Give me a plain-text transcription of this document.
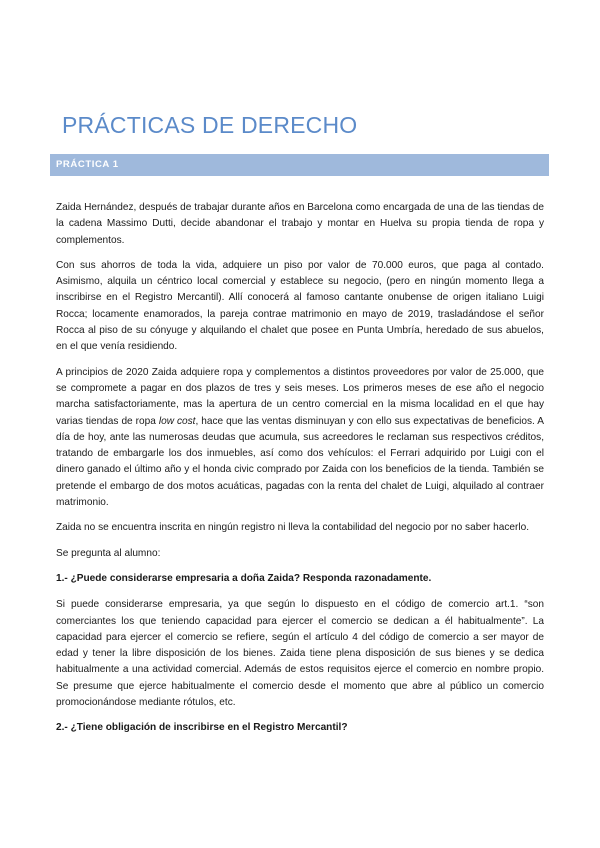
PRÁCTICAS DE DERECHO
PRÁCTICA 1

Zaida Hernández, después de trabajar durante años en Barcelona como encargada de una de las tiendas de la cadena Massimo Dutti, decide abandonar el trabajo y montar en Huelva su propia tienda de ropa y complementos.

Con sus ahorros de toda la vida, adquiere un piso por valor de 70.000 euros, que paga al contado. Asimismo, alquila un céntrico local comercial y establece su negocio, (pero en ningún momento llega a inscribirse en el Registro Mercantil). Allí conocerá al famoso cantante onubense de origen italiano Luigi Rocca; locamente enamorados, la pareja contrae matrimonio en mayo de 2019, trasladándose el señor Rocca al piso de su cónyuge y alquilando el chalet que posee en Punta Umbría, heredado de sus abuelos, en el que venía residiendo.

A principios de 2020 Zaida adquiere ropa y complementos a distintos proveedores por valor de 25.000, que se compromete a pagar en dos plazos de tres y seis meses. Los primeros meses de ese año el negocio marcha satisfactoriamente, mas la apertura de un centro comercial en la misma localidad en el que hay varias tiendas de ropa low cost, hace que las ventas disminuyan y con ello sus expectativas de beneficios. A día de hoy, ante las numerosas deudas que acumula, sus acreedores le reclaman sus respectivos créditos, tratando de embargarle los dos inmuebles, así como dos vehículos: el Ferrari adquirido por Luigi con el dinero ganado el último año y el honda civic comprado por Zaida con los beneficios de la tienda. También se pretende el embargo de dos motos acuáticas, pagadas con la renta del chalet de Luigi, alquilado al contraer matrimonio.

Zaida no se encuentra inscrita en ningún registro ni lleva la contabilidad del negocio por no saber hacerlo.

Se pregunta al alumno:

1.- ¿Puede considerarse empresaria a doña Zaida? Responda razonadamente.

Si puede considerarse empresaria, ya que según lo dispuesto en el código de comercio art.1. “son comerciantes los que teniendo capacidad para ejercer el comercio se dedican a él habitualmente”. La capacidad para ejercer el comercio se refiere, según el artículo 4 del código de comercio a ser mayor de edad y tener la libre disposición de los bienes. Zaida tiene plena disposición de sus bienes y se dedica habitualmente a una actividad comercial. Además de estos requisitos ejerce el comercio en nombre propio. Se presume que ejerce habitualmente el comercio desde el momento que abre al público un comercio promocionándose mediante rótulos, etc.

2.- ¿Tiene obligación de inscribirse en el Registro Mercantil?
